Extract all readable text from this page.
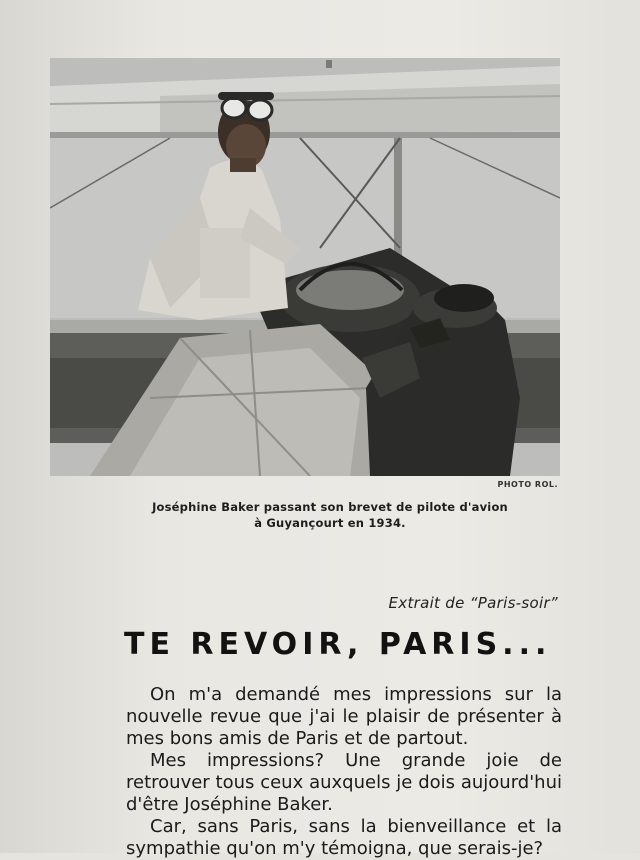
PHOTO ROL.
Joséphine Baker passant son brevet de pilote d'avion
à Guyançourt en 1934.
Extrait de “Paris-soir”
TE REVOIR, PARIS...

On m'a demandé mes impressions sur la nouvelle revue que j'ai le plaisir de présenter à mes bons amis de Paris et de partout.

Mes impressions? Une grande joie de retrouver tous ceux auxquels je dois aujourd'hui d'être Joséphine Baker.

Car, sans Paris, sans la bienveillance et la sympathie qu'on m'y témoigna, que serais-je?
